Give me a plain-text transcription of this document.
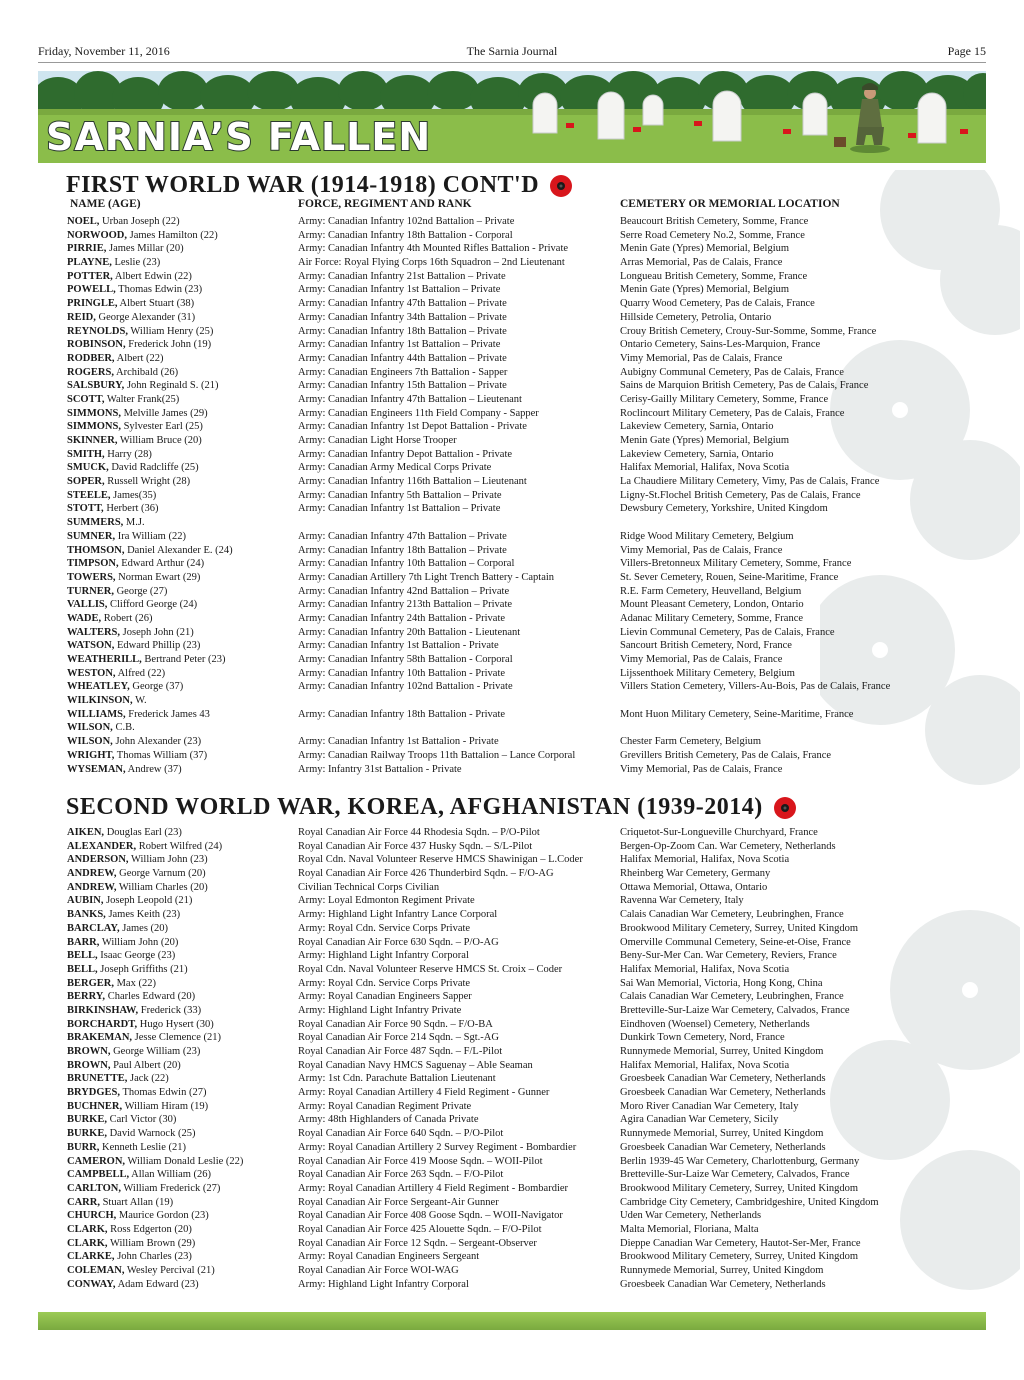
Friday, November 11, 2016	The Sarnia Journal	Page 15
SARNIA’S FALLEN
FIRST WORLD WAR (1914-1918) CONT'D
NAME (AGE)	FORCE, REGIMENT AND RANK	CEMETERY OR MEMORIAL LOCATION
NOEL, Urban Joseph (22)	Army: Canadian Infantry 102nd Battalion – Private	Beaucourt British Cemetery, Somme, France
NORWOOD, James Hamilton (22)	Army: Canadian Infantry 18th Battalion - Corporal	Serre Road Cemetery No.2, Somme, France
PIRRIE, James Millar (20)	Army: Canadian Infantry 4th Mounted Rifles Battalion - Private	Menin Gate (Ypres) Memorial, Belgium
PLAYNE, Leslie (23)	Air Force: Royal Flying Corps 16th Squadron – 2nd Lieutenant	Arras Memorial, Pas de Calais, France
POTTER, Albert Edwin (22)	Army: Canadian Infantry 21st Battalion – Private	Longueau British Cemetery, Somme, France
POWELL, Thomas Edwin (23)	Army: Canadian Infantry 1st Battalion – Private	Menin Gate (Ypres) Memorial, Belgium
PRINGLE, Albert Stuart (38)	Army: Canadian Infantry 47th Battalion – Private	Quarry Wood Cemetery, Pas de Calais, France
REID, George Alexander (31)	Army: Canadian Infantry 34th Battalion – Private	Hillside Cemetery, Petrolia, Ontario
REYNOLDS, William Henry (25)	Army: Canadian Infantry 18th Battalion – Private	Crouy British Cemetery, Crouy-Sur-Somme, Somme, France
ROBINSON, Frederick John (19)	Army: Canadian Infantry 1st Battalion – Private	Ontario Cemetery, Sains-Les-Marquion, France
RODBER, Albert (22)	Army: Canadian Infantry 44th Battalion – Private	Vimy Memorial, Pas de Calais, France
ROGERS, Archibald (26)	Army: Canadian Engineers 7th Battalion - Sapper	Aubigny Communal Cemetery, Pas de Calais, France
SALSBURY, John Reginald S. (21)	Army: Canadian Infantry 15th Battalion – Private	Sains de Marquion British Cemetery, Pas de Calais, France
SCOTT, Walter Frank(25)	Army: Canadian Infantry 47th Battalion – Lieutenant	Cerisy-Gailly Military Cemetery, Somme, France
SIMMONS, Melville James (29)	Army: Canadian Engineers 11th Field Company - Sapper	Roclincourt Military Cemetery, Pas de Calais, France
SIMMONS, Sylvester Earl (25)	Army: Canadian Infantry 1st Depot Battalion - Private	Lakeview Cemetery, Sarnia, Ontario
SKINNER, William Bruce (20)	Army: Canadian Light Horse Trooper	Menin Gate (Ypres) Memorial, Belgium
SMITH, Harry (28)	Army: Canadian Infantry Depot Battalion - Private	Lakeview Cemetery, Sarnia, Ontario
SMUCK, David Radcliffe (25)	Army: Canadian Army Medical Corps Private	Halifax Memorial, Halifax, Nova Scotia
SOPER, Russell Wright (28)	Army: Canadian Infantry 116th Battalion – Lieutenant	La Chaudiere Military Cemetery, Vimy, Pas de Calais, France
STEELE, James(35)	Army: Canadian Infantry 5th Battalion – Private	Ligny-St.Flochel British Cemetery, Pas de Calais, France
STOTT, Herbert (36)	Army: Canadian Infantry 1st Battalion – Private	Dewsbury Cemetery, Yorkshire, United Kingdom
SUMMERS, M.J.
SUMNER, Ira William (22)	Army: Canadian Infantry 47th Battalion – Private	Ridge Wood Military Cemetery, Belgium
THOMSON, Daniel Alexander E. (24)	Army: Canadian Infantry 18th Battalion – Private	Vimy Memorial, Pas de Calais, France
TIMPSON, Edward Arthur (24)	Army: Canadian Infantry 10th Battalion – Corporal	Villers-Bretonneux Military Cemetery, Somme, France
TOWERS, Norman Ewart (29)	Army: Canadian Artillery 7th Light Trench Battery - Captain	St. Sever Cemetery, Rouen, Seine-Maritime, France
TURNER, George (27)	Army: Canadian Infantry 42nd Battalion – Private	R.E. Farm Cemetery, Heuvelland, Belgium
VALLIS, Clifford George (24)	Army: Canadian Infantry 213th Battalion – Private	Mount Pleasant Cemetery, London, Ontario
WADE, Robert (26)	Army: Canadian Infantry 24th Battalion - Private	Adanac Military Cemetery, Somme, France
WALTERS, Joseph John (21)	Army: Canadian Infantry 20th Battalion - Lieutenant	Lievin Communal Cemetery, Pas de Calais, France
WATSON, Edward Phillip (23)	Army: Canadian Infantry 1st Battalion - Private	Sancourt British Cemetery, Nord, France
WEATHERILL, Bertrand Peter (23)	Army: Canadian Infantry 58th Battalion - Corporal	Vimy Memorial, Pas de Calais, France
WESTON, Alfred (22)	Army: Canadian Infantry 10th Battalion - Private	Lijssenthoek Military Cemetery, Belgium
WHEATLEY, George (37)	Army: Canadian Infantry 102nd Battalion - Private	Villers Station Cemetery, Villers-Au-Bois, Pas de Calais, France
WILKINSON, W.
WILLIAMS, Frederick James 43	Army: Canadian Infantry 18th Battalion - Private	Mont Huon Military Cemetery, Seine-Maritime, France
WILSON, C.B.
WILSON, John Alexander (23)	Army: Canadian Infantry 1st Battalion - Private	Chester Farm Cemetery, Belgium
WRIGHT, Thomas William (37)	Army: Canadian Railway Troops 11th Battalion – Lance Corporal	Grevillers British Cemetery, Pas de Calais, France
WYSEMAN, Andrew (37)	Army: Infantry 31st Battalion - Private	Vimy Memorial, Pas de Calais, France
SECOND WORLD WAR, KOREA, AFGHANISTAN (1939-2014)
AIKEN, Douglas Earl (23)	Royal Canadian Air Force 44 Rhodesia Sqdn. – P/O-Pilot	Criquetot-Sur-Longueville Churchyard, France
ALEXANDER, Robert Wilfred (24)	Royal Canadian Air Force 437 Husky Sqdn. – S/L-Pilot	Bergen-Op-Zoom Can. War Cemetery, Netherlands
ANDERSON, William John (23)	Royal Cdn. Naval Volunteer Reserve HMCS Shawinigan – L.Coder	Halifax Memorial, Halifax, Nova Scotia
ANDREW, George Varnum (20)	Royal Canadian Air Force 426 Thunderbird Sqdn. – F/O-AG	Rheinberg War Cemetery, Germany
ANDREW, William Charles (20)	Civilian Technical Corps Civilian	Ottawa Memorial, Ottawa, Ontario
AUBIN, Joseph Leopold (21)	Army: Loyal Edmonton Regiment Private	Ravenna War Cemetery, Italy
BANKS, James Keith (23)	Army: Highland Light Infantry Lance Corporal	Calais Canadian War Cemetery, Leubringhen, France
BARCLAY, James (20)	Army: Royal Cdn. Service Corps Private	Brookwood Military Cemetery, Surrey, United Kingdom
BARR, William John (20)	Royal Canadian Air Force 630 Sqdn. – P/O-AG	Omerville Communal Cemetery, Seine-et-Oise, France
BELL, Isaac George (23)	Army: Highland Light Infantry Corporal	Beny-Sur-Mer Can. War Cemetery, Reviers, France
BELL, Joseph Griffiths (21)	Royal Cdn. Naval Volunteer Reserve HMCS St. Croix – Coder	Halifax Memorial, Halifax, Nova Scotia
BERGER, Max (22)	Army: Royal Cdn. Service Corps Private	Sai Wan Memorial, Victoria, Hong Kong, China
BERRY, Charles Edward (20)	Army: Royal Canadian Engineers Sapper	Calais Canadian War Cemetery, Leubringhen, France
BIRKINSHAW, Frederick (33)	Army: Highland Light Infantry Private	Bretteville-Sur-Laize War Cemetery, Calvados, France
BORCHARDT, Hugo Hysert (30)	Royal Canadian Air Force 90 Sqdn. – F/O-BA	Eindhoven (Woensel) Cemetery, Netherlands
BRAKEMAN, Jesse Clemence (21)	Royal Canadian Air Force 214 Sqdn. – Sgt.-AG	Dunkirk Town Cemetery, Nord, France
BROWN, George William (23)	Royal Canadian Air Force 487 Sqdn. – F/L-Pilot	Runnymede Memorial, Surrey, United Kingdom
BROWN, Paul Albert (20)	Royal Canadian Navy HMCS Saguenay – Able Seaman	Halifax Memorial, Halifax, Nova Scotia
BRUNETTE, Jack (22)	Army: 1st Cdn. Parachute Battalion Lieutenant	Groesbeek Canadian War Cemetery, Netherlands
BRYDGES, Thomas Edwin (27)	Army: Royal Canadian Artillery 4 Field Regiment - Gunner	Groesbeek Canadian War Cemetery, Netherlands
BUCHNER, William Hiram (19)	Army: Royal Canadian Regiment Private	Moro River Canadian War Cemetery, Italy
BURKE, Carl Victor (30)	Army: 48th Highlanders of Canada Private	Agira Canadian War Cemetery, Sicily
BURKE, David Warnock (25)	Royal Canadian Air Force 640 Sqdn. – P/O-Pilot	Runnymede Memorial, Surrey, United Kingdom
BURR, Kenneth Leslie (21)	Army: Royal Canadian Artillery 2 Survey Regiment - Bombardier	Groesbeek Canadian War Cemetery, Netherlands
CAMERON, William Donald Leslie (22)	Royal Canadian Air Force 419 Moose Sqdn. – WOII-Pilot	Berlin 1939-45 War Cemetery, Charlottenburg, Germany
CAMPBELL, Allan William (26)	Royal Canadian Air Force 263 Sqdn. – F/O-Pilot	Bretteville-Sur-Laize War Cemetery, Calvados, France
CARLTON, William Frederick (27)	Army: Royal Canadian Artillery 4 Field Regiment - Bombardier	Brookwood Military Cemetery, Surrey, United Kingdom
CARR, Stuart Allan (19)	Royal Canadian Air Force Sergeant-Air Gunner	Cambridge City Cemetery, Cambridgeshire, United Kingdom
CHURCH, Maurice Gordon (23)	Royal Canadian Air Force 408 Goose Sqdn. – WOII-Navigator	Uden War Cemetery, Netherlands
CLARK, Ross Edgerton (20)	Royal Canadian Air Force 425 Alouette Sqdn. – F/O-Pilot	Malta Memorial, Floriana, Malta
CLARK, William Brown (29)	Royal Canadian Air Force 12 Sqdn. – Sergeant-Observer	Dieppe Canadian War Cemetery, Hautot-Ser-Mer, France
CLARKE, John Charles (23)	Army: Royal Canadian Engineers Sergeant	Brookwood Military Cemetery, Surrey, United Kingdom
COLEMAN, Wesley Percival (21)	Royal Canadian Air Force WOI-WAG	Runnymede Memorial, Surrey, United Kingdom
CONWAY, Adam Edward (23)	Army: Highland Light Infantry Corporal	Groesbeek Canadian War Cemetery, Netherlands
